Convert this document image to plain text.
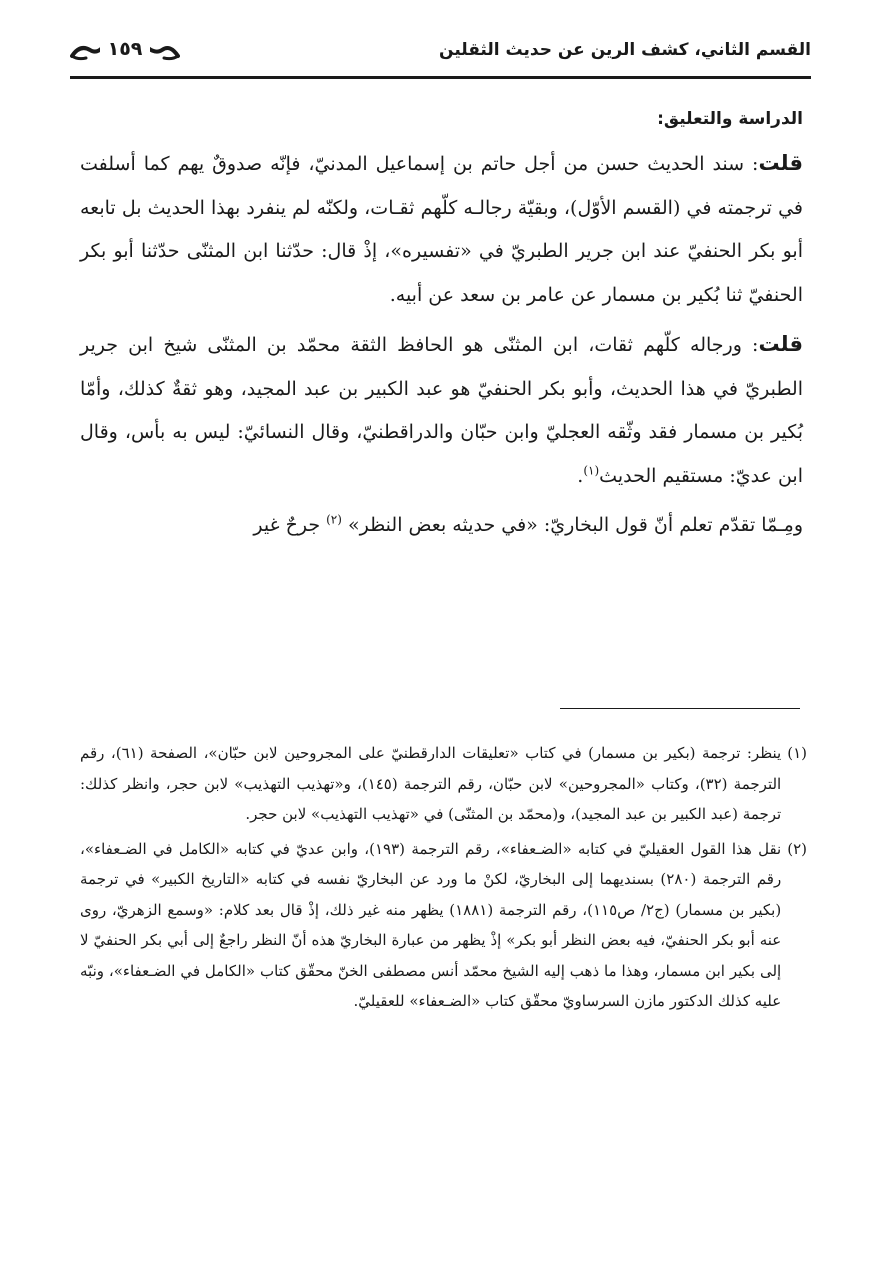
القسم الثاني، كشف الرين عن حديث الثقلين
١٥٩
الدراسة والتعليق:

قلت: سند الحديث حسن من أجل حاتم بن إسماعيل المدنيّ، فإنّه صدوقٌ يهم كما أسلفت في ترجمته في (القسم الأوّل)، وبقيّة رجالـه كلّهم ثقـات، ولكنّه لم ينفرد بهذا الحديث بل تابعه أبو بكر الحنفيّ عند ابن جرير الطبريّ في «تفسيره»، إذْ قال: حدّثنا ابن المثنّى حدّثنا أبو بكر الحنفيّ ثنا بُكير بن مسمار عن عامر بن سعد عن أبيه.

قلت: ورجاله كلّهم ثقات، ابن المثنّى هو الحافظ الثقة محمّد بن المثنّى شيخ ابن جرير الطبريّ في هذا الحديث، وأبو بكر الحنفيّ هو عبد الكبير بن عبد المجيد، وهو ثقةٌ كذلك، وأمّا بُكير بن مسمار فقد وثّقه العجليّ وابن حبّان والدراقطنيّ، وقال النسائيّ: ليس به بأس، وقال ابن عديّ: مستقيم الحديث$^{(١)}$.

ومِـمّا تقدّم تعلم أنّ قول البخاريّ: «في حديثه بعض النظر» $^{(٢)}$ جرحٌ غير

(١)
ينظر: ترجمة (بكير بن مسمار) في كتاب «تعليقات الدارقطنيّ على المجروحين لابن حبّان»، الصفحة (٦١)، رقم الترجمة (٣٢)، وكتاب «المجروحين» لابن حبّان، رقم الترجمة (١٤٥)، و«تهذيب التهذيب» لابن حجر، وانظر كذلك: ترجمة (عبد الكبير بن عبد المجيد)، و(محمّد بن المثنّى) في «تهذيب التهذيب» لابن حجر.
(٢)
نقل هذا القول العقيليّ في كتابه «الضـعفاء»، رقم الترجمة (١٩٣)، وابن عديّ في كتابه «الكامل في الضـعفاء»، رقم الترجمة (٢٨٠) بسنديهما إلى البخاريّ، لكنْ ما ورد عن البخاريّ نفسه في كتابه «التاريخ الكبير» في ترجمة (بكير بن مسمار) (ج٢/ ص١١٥)، رقم الترجمة (١٨٨١) يظهر منه غير ذلك، إذْ قال بعد كلام: «وسمع الزهريّ، روى عنه أبو بكر الحنفيّ، فيه بعض النظر أبو بكر» إذْ يظهر من عبارة البخاريّ هذه أنّ النظر راجعٌ إلى أبي بكر الحنفيّ لا إلى بكير ابن مسمار، وهذا ما ذهب إليه الشيخ محمّد أنس مصطفى الخنّ محقّق كتاب «الكامل في الضـعفاء»، ونبّه عليه كذلك الدكتور مازن السرساويّ محقّق كتاب «الضـعفاء» للعقيليّ.
